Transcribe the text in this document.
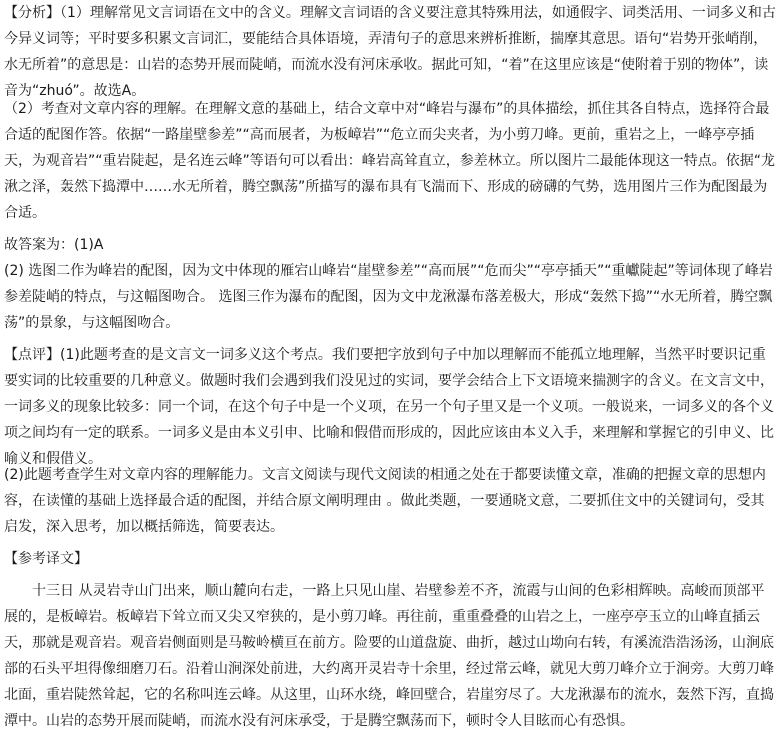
【分析】（1）理解常见文言词语在文中的含义。理解文言词语的含义要注意其特殊用法，如通假字、词类活用、一词多义和古今异义词等；平时要多积累文言词汇，要能结合具体语境，弄清句子的意思来辨析推断，揣摩其意思。语句“岩势开张峭削，水无所着”的意思是：山岩的态势开展而陡峭，而流水没有河床承收。据此可知，“着”在这里应该是“使附着于别的物体”，读音为“zhuó”。故选A。

（2）考查对文章内容的理解。在理解文意的基础上，结合文章中对“峰岩与瀑布”的具体描绘，抓住其各自特点，选择符合最合适的配图作答。依据“一路崖壁参差”“高而展者，为板嶂岩”“危立而尖夹者，为小剪刀峰。更前，重岩之上，一峰亭亭插天，为观音岩”“重岩陡起，是名连云峰”等语句可以看出：峰岩高耸直立，参差林立。所以图片二最能体现这一特点。依据“龙湫之泽，轰然下捣潭中……水无所着，腾空飘荡”所描写的瀑布具有飞湍而下、形成的磅礴的气势，选用图片三作为配图最为合适。

故答案为：(1)A

(2) 选图二作为峰岩的配图，因为文中体现的雁宕山峰岩“崖壁参差”“高而展”“危而尖”“亭亭插天”“重巘陡起”等词体现了峰岩参差陡峭的特点，与这幅图吻合。 选图三作为瀑布的配图，因为文中龙湫瀑布落差极大，形成“轰然下捣”“水无所着，腾空飘荡”的景象，与这幅图吻合。

【点评】(1)此题考查的是文言文一词多义这个考点。我们要把字放到句子中加以理解而不能孤立地理解，当然平时要识记重要实词的比较重要的几种意义。做题时我们会遇到我们没见过的实词，要学会结合上下文语境来揣测字的含义。在文言文中，一词多义的现象比较多：同一个词，在这个句子中是一个义项，在另一个句子里又是一个义项。一般说来，一词多义的各个义项之间均有一定的联系。一词多义是由本义引申、比喻和假借而形成的，因此应该由本义入手，来理解和掌握它的引申义、比喻义和假借义。

(2)此题考查学生对文章内容的理解能力。文言文阅读与现代文阅读的相通之处在于都要读懂文章，准确的把握文章的思想内容，在读懂的基础上选择最合适的配图，并结合原文阐明理由 。做此类题，一要通晓文意，二要抓住文中的关键词句，受其启发，深入思考，加以概括筛选，简要表达。

【参考译文】

十三日 从灵岩寺山门出来，顺山麓向右走，一路上只见山崖、岩壁参差不齐，流霞与山间的色彩相辉映。高峻而顶部平展的，是板嶂岩。板嶂岩下耸立而又尖又窄狭的，是小剪刀峰。再往前，重重叠叠的山岩之上，一座亭亭玉立的山峰直插云天，那就是观音岩。观音岩侧面则是马鞍岭横亘在前方。险要的山道盘旋、曲折，越过山坳向右转，有溪流浩浩汤汤，山涧底部的石头平坦得像细磨刀石。沿着山涧深处前进，大约离开灵岩寺十余里，经过常云峰，就见大剪刀峰介立于涧旁。大剪刀峰北面，重岩陡然耸起，它的名称叫连云峰。从这里，山环水绕，峰回壁合，岩崖穷尽了。大龙湫瀑布的流水，轰然下泻，直捣潭中。山岩的态势开展而陡峭，而流水没有河床承受，于是腾空飘荡而下，顿时令人目眩而心有恐惧。
